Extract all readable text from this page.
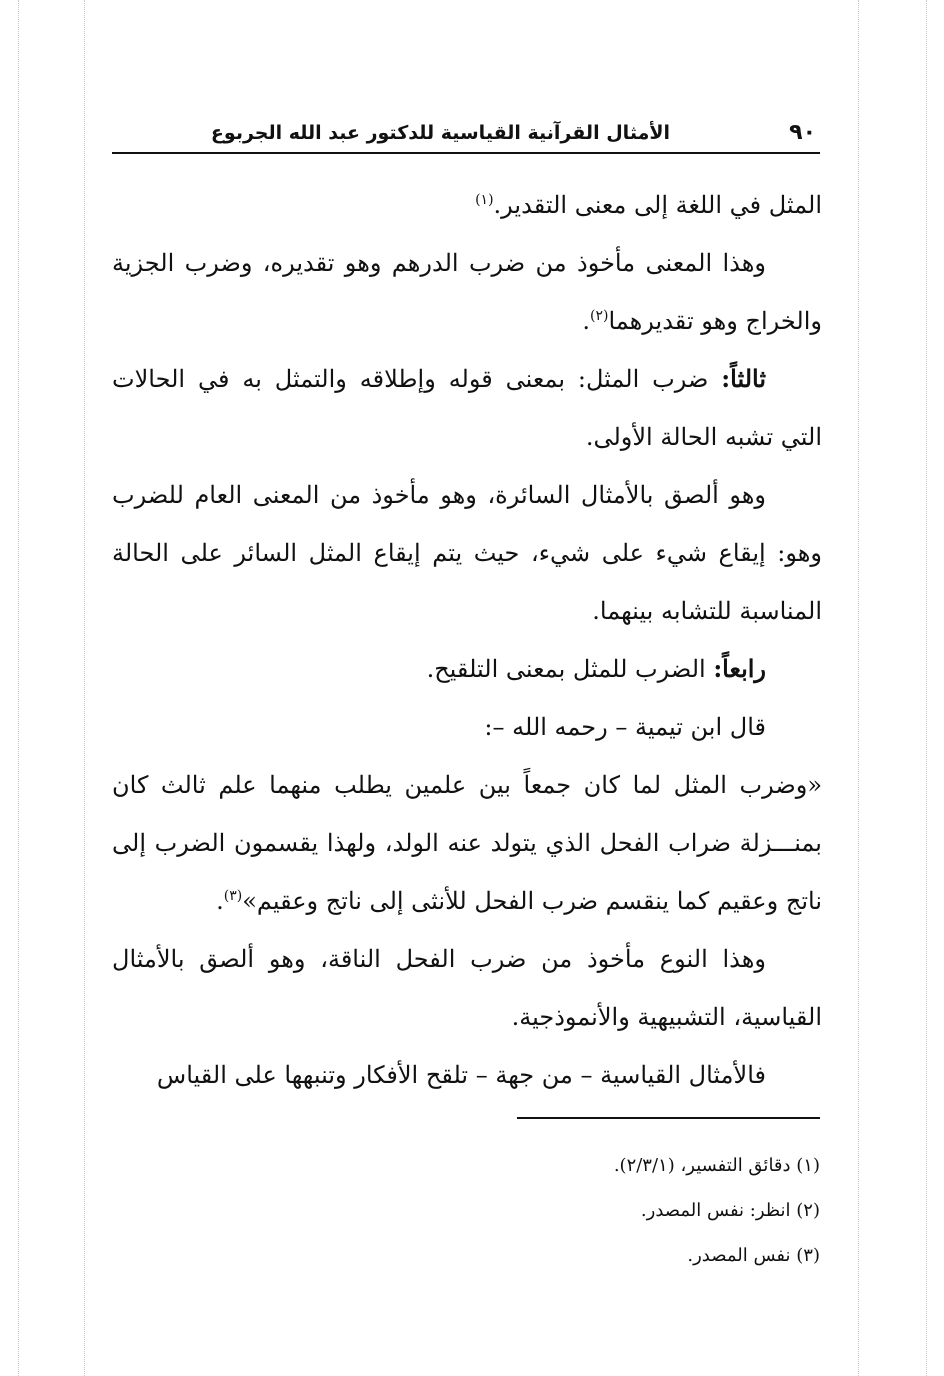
٩٠
الأمثال القرآنية القياسية للدكتور عبد الله الجربوع

المثل في اللغة إلى معنى التقدير.$^{(١)}$

وهذا المعنى مأخوذ من ضرب الدرهم وهو تقديره، وضرب الجزية والخراج وهو تقديرهما$^{(٢)}$.

ثالثاً: ضرب المثل: بمعنى قوله وإطلاقه والتمثل به في الحالات التي تشبه الحالة الأولى.

وهو ألصق بالأمثال السائرة، وهو مأخوذ من المعنى العام للضرب وهو: إيقاع شيء على شيء، حيث يتم إيقاع المثل السائر على الحالة المناسبة للتشابه بينهما.

رابعاً: الضرب للمثل بمعنى التلقيح.

قال ابن تيمية – رحمه الله –:

«وضرب المثل لما كان جمعاً بين علمين يطلب منهما علم ثالث كان بمنـــزلة ضراب الفحل الذي يتولد عنه الولد، ولهذا يقسمون الضرب إلى ناتج وعقيم كما ينقسم ضرب الفحل للأنثى إلى ناتج وعقيم»$^{(٣)}$.

وهذا النوع مأخوذ من ضرب الفحل الناقة، وهو ألصق بالأمثال القياسية، التشبيهية والأنموذجية.

فالأمثال القياسية – من جهة – تلقح الأفكار وتنبهها على القياس

(١) دقائق التفسير، (٢/٣/١).
(٢) انظر: نفس المصدر.
(٣) نفس المصدر.
